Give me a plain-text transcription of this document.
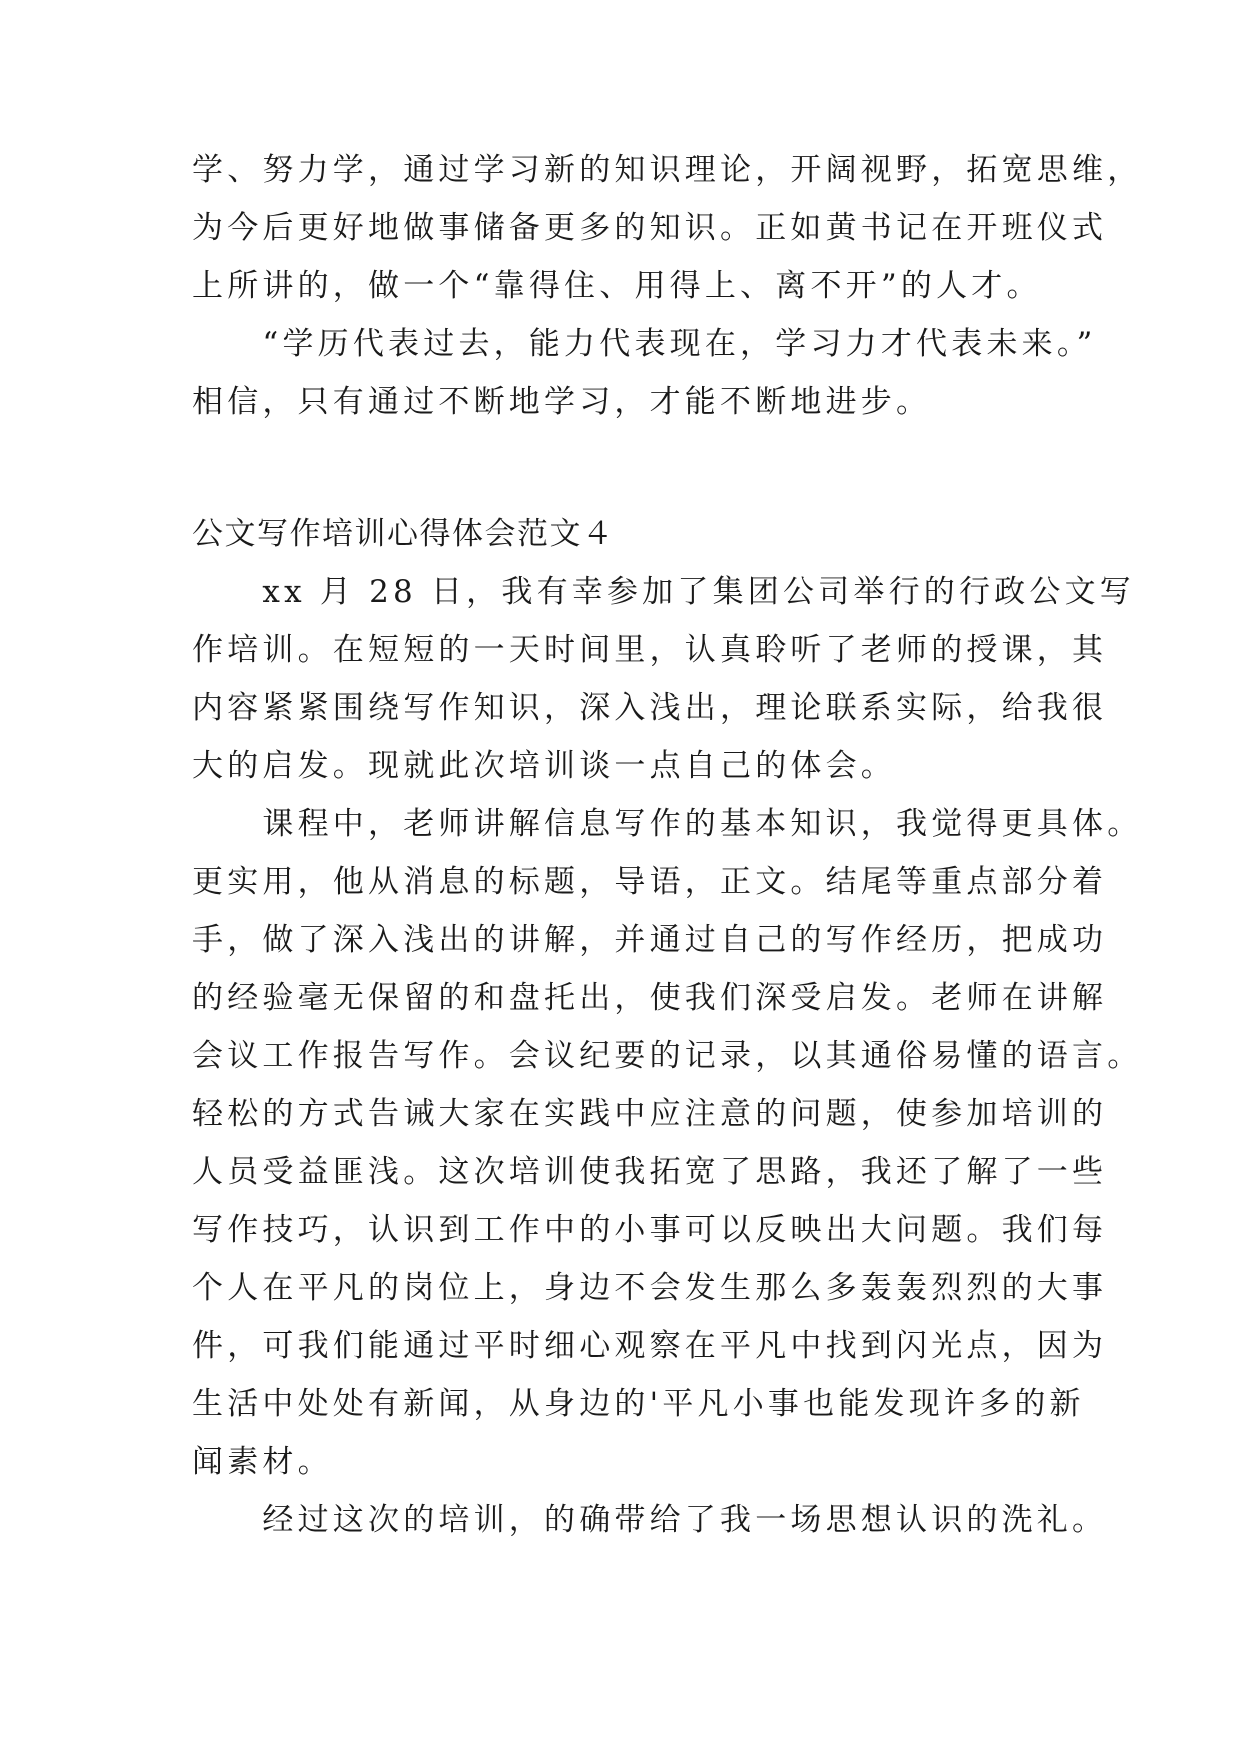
学、努力学，通过学习新的知识理论，开阔视野，拓宽思维，
为今后更好地做事储备更多的知识。正如黄书记在开班仪式
上所讲的，做一个“靠得住、用得上、离不开”的人才。
　　“学历代表过去，能力代表现在，学习力才代表未来。”
相信，只有通过不断地学习，才能不断地进步。
公文写作培训心得体会范文４
　　xx 月 28 日，我有幸参加了集团公司举行的行政公文写
作培训。在短短的一天时间里，认真聆听了老师的授课，其
内容紧紧围绕写作知识，深入浅出，理论联系实际，给我很
大的启发。现就此次培训谈一点自己的体会。
　　课程中，老师讲解信息写作的基本知识，我觉得更具体。
更实用，他从消息的标题，导语，正文。结尾等重点部分着
手，做了深入浅出的讲解，并通过自己的写作经历，把成功
的经验毫无保留的和盘托出，使我们深受启发。老师在讲解
会议工作报告写作。会议纪要的记录，以其通俗易懂的语言。
轻松的方式告诫大家在实践中应注意的问题，使参加培训的
人员受益匪浅。这次培训使我拓宽了思路，我还了解了一些
写作技巧，认识到工作中的小事可以反映出大问题。我们每
个人在平凡的岗位上，身边不会发生那么多轰轰烈烈的大事
件，可我们能通过平时细心观察在平凡中找到闪光点，因为
生活中处处有新闻，从身边的'平凡小事也能发现许多的新
闻素材。
　　经过这次的培训，的确带给了我一场思想认识的洗礼。
